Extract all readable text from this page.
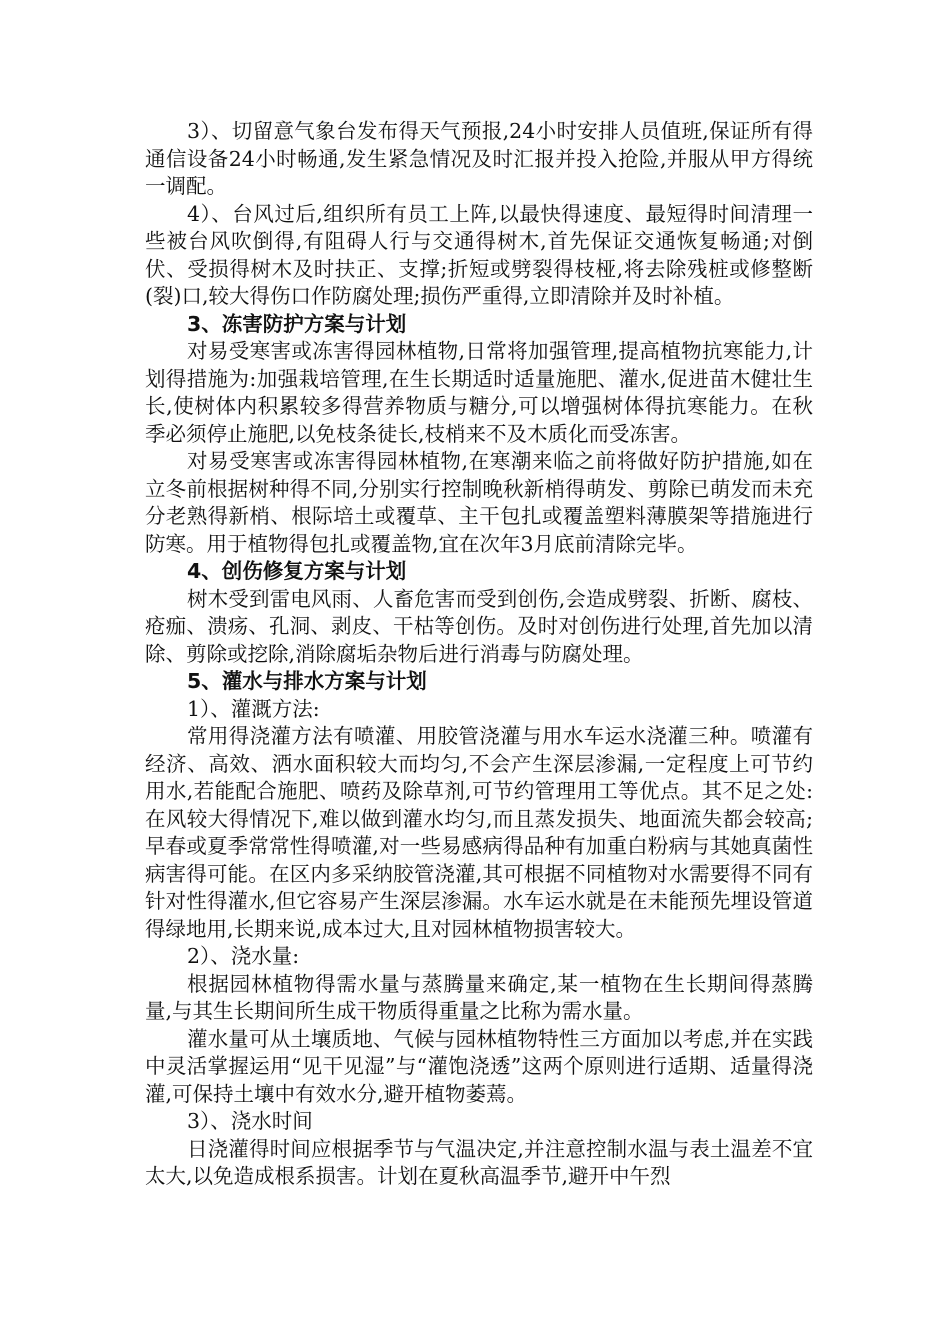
3）、切留意气象台发布得天气预报,24小时安排人员值班,保证所有得通信设备24小时畅通,发生紧急情况及时汇报并投入抢险,并服从甲方得统一调配。

4）、台风过后,组织所有员工上阵,以最快得速度、最短得时间清理一些被台风吹倒得,有阻碍人行与交通得树木,首先保证交通恢复畅通;对倒伏、受损得树木及时扶正、支撑;折短或劈裂得枝桠,将去除残桩或修整断(裂)口,较大得伤口作防腐处理;损伤严重得,立即清除并及时补植。

3、冻害防护方案与计划

对易受寒害或冻害得园林植物,日常将加强管理,提高植物抗寒能力,计划得措施为:加强栽培管理,在生长期适时适量施肥、灌水,促进苗木健壮生长,使树体内积累较多得营养物质与糖分,可以增强树体得抗寒能力。在秋季必须停止施肥,以免枝条徒长,枝梢来不及木质化而受冻害。

对易受寒害或冻害得园林植物,在寒潮来临之前将做好防护措施,如在立冬前根据树种得不同,分别实行控制晚秋新梢得萌发、剪除已萌发而未充分老熟得新梢、根际培土或覆草、主干包扎或覆盖塑料薄膜架等措施进行防寒。用于植物得包扎或覆盖物,宜在次年3月底前清除完毕。

4、创伤修复方案与计划

树木受到雷电风雨、人畜危害而受到创伤,会造成劈裂、折断、腐枝、疮痂、溃疡、孔洞、剥皮、干枯等创伤。及时对创伤进行处理,首先加以清除、剪除或挖除,消除腐垢杂物后进行消毒与防腐处理。

5、灌水与排水方案与计划

1）、灌溉方法:

常用得浇灌方法有喷灌、用胶管浇灌与用水车运水浇灌三种。喷灌有经济、高效、洒水面积较大而均匀,不会产生深层渗漏,一定程度上可节约用水,若能配合施肥、喷药及除草剂,可节约管理用工等优点。其不足之处:在风较大得情况下,难以做到灌水均匀,而且蒸发损失、地面流失都会较高;早春或夏季常常性得喷灌,对一些易感病得品种有加重白粉病与其她真菌性病害得可能。在区内多采纳胶管浇灌,其可根据不同植物对水需要得不同有针对性得灌水,但它容易产生深层渗漏。水车运水就是在未能预先埋设管道得绿地用,长期来说,成本过大,且对园林植物损害较大。

2）、浇水量:

根据园林植物得需水量与蒸腾量来确定,某一植物在生长期间得蒸腾量,与其生长期间所生成干物质得重量之比称为需水量。

灌水量可从土壤质地、气候与园林植物特性三方面加以考虑,并在实践中灵活掌握运用“见干见湿”与“灌饱浇透”这两个原则进行适期、适量得浇灌,可保持土壤中有效水分,避开植物萎蔫。

3）、浇水时间

日浇灌得时间应根据季节与气温决定,并注意控制水温与表土温差不宜太大,以免造成根系损害。计划在夏秋高温季节,避开中午烈
